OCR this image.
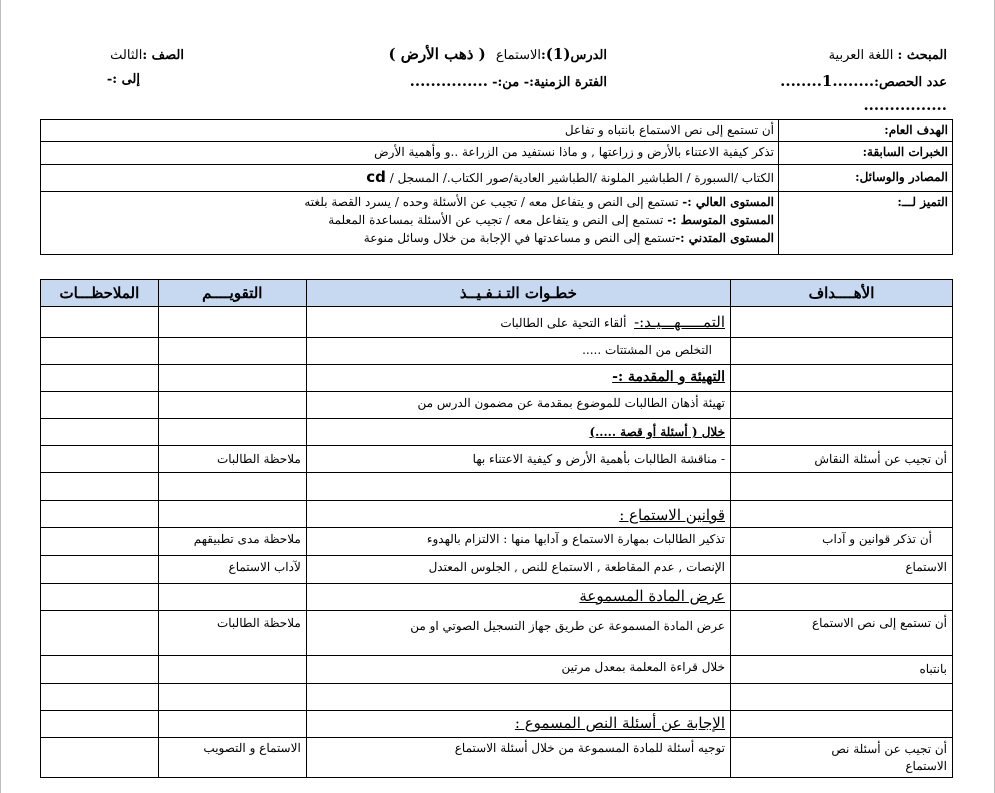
المبحث : اللغة العربية
الدرس(1):الاستماع ( ذهب الأرض )
الصف :الثالث
عدد الحصص:........1........
الفترة الزمنية:- من:- ...............
إلى :-
................
الهدف العام:	أن تستمع إلى نص الاستماع بانتباه و تفاعل
الخبرات السابقة:	تذكر كيفية الاعتناء بالأرض و زراعتها , و ماذا نستفيد من الزراعة ..و وأهمية الأرض
المصادر والوسائل:	الكتاب /السبورة / الطباشير الملونة /الطباشير العادية/صور الكتاب./ المسجل / cd
التميز لـــ:	المستوى العالي :- تستمع إلى النص و يتفاعل معه / تجيب عن الأسئلة وحده / يسرد القصة بلغته
المستوى المتوسط :- تستمع إلى النص و يتفاعل معه / تجيب عن الأسئلة بمساعدة المعلمة
المستوى المتدني :-تستمع إلى النص و مساعدتها في الإجابة من خلال وسائل منوعة
الأهــــداف	خطـوات التـنـفـيــذ	التقويــــم	الملاحظـــات
	التمـــــهـــيـد:-  ألقاء التحية على الطالبات		
	التخلص من المشتتات .....		
	التهيئة و المقدمة :-		
	تهيئة أذهان الطالبات للموضوع بمقدمة عن مضمون الدرس من		
	خلال ( أسئلة أو قصة .....)		
أن تجيب عن أسئلة النقاش	- مناقشة الطالبات بأهمية الأرض و كيفية الاعتناء بها	ملاحظة الطالبات	

	قوانين الاستماع :		
أن تذكر قوانين و آداب	تذكير الطالبات بمهارة الاستماع و آدابها منها : الالتزام بالهدوء	ملاحظة مدى تطبيقهم	
الاستماع	الإنصات , عدم المقاطعة , الاستماع للنص , الجلوس المعتدل	لآداب الاستماع	
	عرض المادة المسموعة		
أن تستمع إلى نص الاستماع	عرض المادة المسموعة عن طريق جهاز التسجيل الصوتي او من	ملاحظة الطالبات	
بانتباه	خلال قراءة المعلمة بمعدل مرتين		

	الإجابة عن أسئلة النص المسموع :		
أن تجيب عن أسئلة نص الاستماع	توجيه أسئلة للمادة المسموعة من خلال أسئلة الاستماع	الاستماع و التصويب	
